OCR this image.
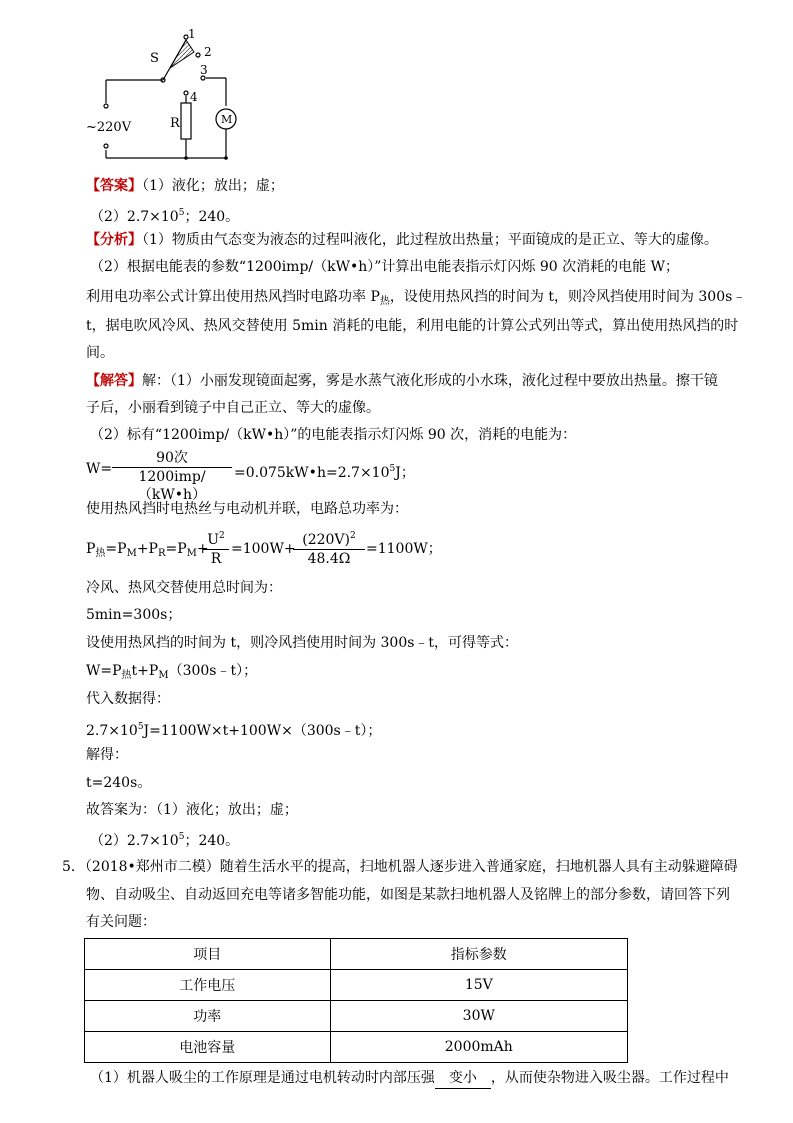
S
1
2
3
4
R	M
~220V
【答案】（1）液化；放出；虚；
$(2)2.7\times 10^5$；240。
【分析】（1）物质由气态变为液态的过程叫液化，此过程放出热量；平面镜成的是正立、等大的虚像。
（2）根据电能表的参数“1200imp/（kW•h）”计算出电能表指示灯闪烁 90 次消耗的电能 W；
利用电功率公式计算出使用热风挡时电路功率 $P_热$，设使用热风挡的时间为 t，则冷风挡使用时间为 300s﹣
t，据电吹风冷风、热风交替使用 5min 消耗的电能，利用电能的计算公式列出等式，算出使用热风挡的时
间。
【解答】解：（1）小丽发现镜面起雾，雾是水蒸气液化形成的小水珠，液化过程中要放出热量。擦干镜
子后，小丽看到镜子中自己正立、等大的虚像。
（2）标有“1200imp/（kW•h）”的电能表指示灯闪烁 90 次，消耗的电能为：
W=
90次
1200imp/（kW•h）
$=0.075kW•h=2.7\times 10^5J$；
使用热风挡时电热丝与电动机并联，电路总功率为：
$P_热=P_M+P_R=P_M+$
$\frac{U^2}{R} =100W+$
$\frac{(220V)^2}{48.4\Omega} =1100W$；
冷风、热风交替使用总时间为：
5min=300s；
设使用热风挡的时间为 t，则冷风挡使用时间为 300s﹣t，可得等式：
$W=P_热t+P_M(300s﹣t)$；
代入数据得：
$2.7\times 10^5J=1100W\times t+100W\times(300s﹣t)$；
解得：
t=240s。
故答案为：（1）液化；放出；虚；
$(2)2.7\times 10^5$；240。
5．（2018•郑州市二模）随着生活水平的提高，扫地机器人逐步进入普通家庭，扫地机器人具有主动躲避障碍
物、自动吸尘、自动返回充电等诸多智能功能，如图是某款扫地机器人及铭牌上的部分参数，请回答下列
有关问题：
项目	指标参数
工作电压	15V
功率	30W
电池容量	2000mAh
（1）机器人吸尘的工作原理是通过电机转动时内部压强 变小 ，从而使杂物进入吸尘器。工作过程中
